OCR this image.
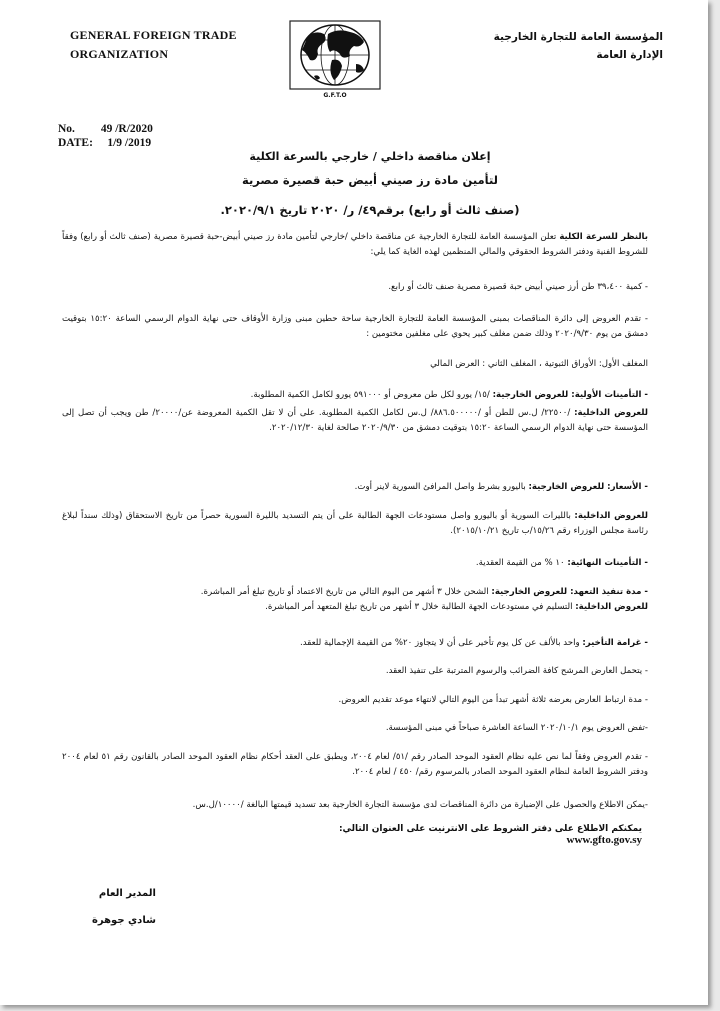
GENERAL FOREIGN TRADE
ORGANIZATION
G.F.T.O
المؤسسة العامة للتجارة الخارجية
الإدارة العامة
No. 49 /R/2020
DATE: 1/9 /2019
إعلان مناقصة داخلي / خارجي بالسرعة الكلية
لتأمين مادة رز صيني أبيض حبة قصيرة مصرية
(صنف ثالث أو رابع) برقم٤٩/ ر/ ٢٠٢٠ تاريخ ٢٠٢٠/٩/١.

بالنظر للسرعة الكلية تعلن المؤسسة العامة للتجارة الخارجية عن مناقصة داخلي /خارجي لتأمين مادة رز صيني أبيض-حبة قصيرة مصرية (صنف ثالث أو رابع) وفقاً للشروط الفنية ودفتر الشروط الحقوقي والمالي المنظمين لهذه الغاية كما يلي:

- كمية ٣٩،٤٠٠ طن أرز صيني أبيض حبة قصيرة مصرية صنف ثالث أو رابع.
- تقدم العروض إلى دائرة المناقصات بمبنى المؤسسة العامة للتجارة الخارجية ساحة حطين مبنى وزارة الأوقاف حتى نهاية الدوام الرسمي الساعة ١٥:٢٠ بتوقيت دمشق من يوم ٢٠٢٠/٩/٣٠ وذلك ضمن مغلف كبير يحوي على مغلفين مختومين :
المغلف الأول: الأوراق الثبوتية ، المغلف الثاني : العرض المالي

- التأمينات الأولية: للعروض الخارجية: /١٥/ يورو لكل طن معروض أو ٥٩١٠٠٠ يورو لكامل الكمية المطلوبة.

للعروض الداخلية: /٢٢٥٠٠/ ل.س للطن أو /٨٨٦.٥٠٠٠٠٠/ ل.س لكامل الكمية المطلوبة. على أن لا تقل الكمية المعروضة عن/٢٠٠٠٠/ طن ويجب أن تصل إلى المؤسسة حتى نهاية الدوام الرسمي الساعة ١٥:٢٠ بتوقيت دمشق من ٢٠٢٠/٩/٣٠ صالحة لغاية ٢٠٢٠/١٢/٣٠.

- الأسعار: للعروض الخارجية: باليورو بشرط واصل المرافئ السورية لاينر أوت.

للعروض الداخلية: بالليرات السورية أو باليورو واصل مستودعات الجهة الطالبة على أن يتم التسديد بالليرة السورية حصراً من تاريخ الاستحقاق (وذلك سنداً لبلاغ رئاسة مجلس الوزراء رقم ١٥/٢٦/ب تاريخ ٢٠١٥/١٠/٢١).

- التأمينات النهائية: ١٠ % من القيمة العقدية.

- مدة تنفيذ التعهد: للعروض الخارجية: الشحن خلال ٣ أشهر من اليوم التالي من تاريخ الاعتماد أو تاريخ تبلغ أمر المباشرة.

للعروض الداخلية: التسليم في مستودعات الجهة الطالبة خلال ٣ أشهر من تاريخ تبلغ المتعهد أمر المباشرة.

- غرامة التأخير: واحد بالألف عن كل يوم تأخير على أن لا يتجاوز ٢٠% من القيمة الإجمالية للعقد.

- يتحمل العارض المرشح كافة الضرائب والرسوم المترتبة على تنفيذ العقد.
- مدة ارتباط العارض بعرضه ثلاثة أشهر تبدأ من اليوم التالي لانتهاء موعد تقديم العروض.
-تفض العروض يوم ٢٠٢٠/١٠/١ الساعة العاشرة صباحاً في مبنى المؤسسة.
- تقدم العروض وفقاً لما نص عليه نظام العقود الموحد الصادر رقم /٥١/ لعام ٢٠٠٤، ويطبق على العقد أحكام نظام العقود الموحد الصادر بالقانون رقم ٥١ لعام ٢٠٠٤ ودفتر الشروط العامة لنظام العقود الموحد الصادر بالمرسوم رقم/ ٤٥٠ / لعام ٢٠٠٤.
-يمكن الاطلاع والحصول على الإضبارة من دائرة المناقصات لدى مؤسسة التجارة الخارجية بعد تسديد قيمتها البالغة /١٠٠٠٠/ل.س.
يمكنكم الاطلاع على دفتر الشروط على الانترنيت على العنوان التالي: www.gfto.gov.sy
المدير العام
شادي جوهرة
